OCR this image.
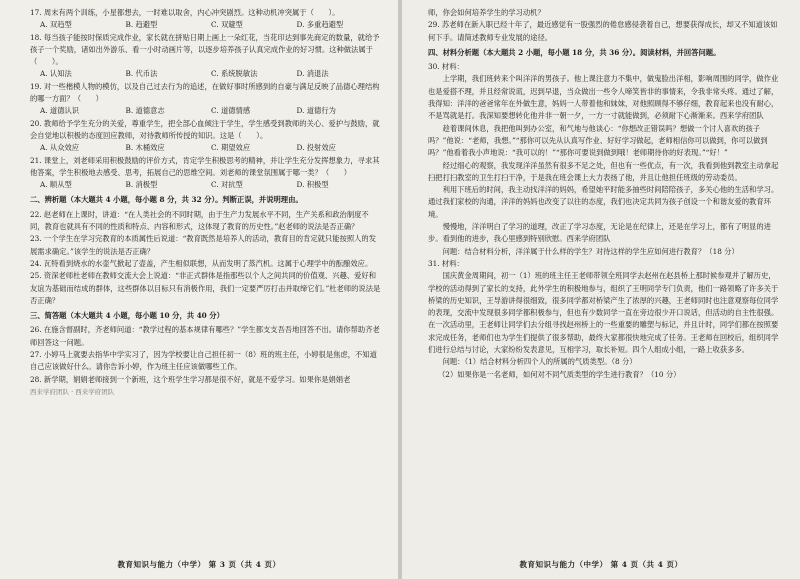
17. 周末有两个训练，小星都想去，一时难以取舍，内心冲突剧烈。这种动机冲突属于（　　）。

A. 双趋型	B. 趋避型	C. 双避型	D. 多重趋避型

18. 每当孩子能按时保质完成作业，家长就在拼贴日期上画上一朵红花，当花印达到事先商定的数量，就给予孩子一个奖励，诸如出外游乐、看一小时动画片等，以逐步培养孩子认真完成作业的好习惯。这种做法属于（　　）。

A. 认知法	B. 代币法	C. 系统脱敏法	D. 消退法

19. 对一些楷模人物的模仿，以及自己过去行为的追述，在做好事时所感到的自豪与满足反映了品德心理结构的哪一方面？（　　）

A. 道德认识	B. 道德意志	C. 道德情感	D. 道德行为

20. 教师给予学生充分的关爱，尊重学生，把全部心血倾注于学生，学生感受到教师的关心、爱护与鼓励，就会自觉地以积极的态度回应教师，对待教师所传授的知识。这是（　　）。

A. 从众效应	B. 木桶效应	C. 期望效应	D. 投射效应

21. 课堂上，刘老师采用积极鼓励的评价方式，肯定学生积极思考的精神，并让学生充分发挥想象力，寻求其他答案，学生积极地去感受、思考，拓展自己的思维空间。刘老师的课堂氛围属于哪一类？（　　）

A. 顺从型	B. 消极型	C. 对抗型	D. 积极型

二、辨析题（本大题共 4 小题，每小题 8 分，共 32 分）。判断正误，并说明理由。

22. 赵老师在上课时，讲道：“在人类社会的不同时期，由于生产力发展水平不同，生产关系和政治制度不同，教育也就具有不同的性质和特点、内容和形式，这体现了教育的历史性。”赵老师的说法是否正确？

23. 一个学生在学习完教育的本质属性后说道：“教育既然是培养人的活动，教育目的肯定就只能按照人的发展需求确定。”该学生的说法是否正确？

24. 瓦特看到烧水的水壶气掀起了壶盖，产生相似联想，从而发明了蒸汽机。这属于心理学中的酝酿效应。

25. 资深老师杜老师在教师交流大会上说道：“非正式群体是指那些以个人之间共同的价值观、兴趣、爱好和友谊为基础而结成的群体，这些群体以目标只有消极作用，我们一定要严厉打击并取缔它们。”杜老师的说法是否正确？

三、简答题（本大题共 4 小题，每小题 10 分，共 40 分）

26. 在施含督副时，齐老师问道：“教学过程的基本规律有哪些？”学生都支支吾吾地回答不出。请你帮助齐老师回答这一问题。

27. 小婷马上就要去指华中学实习了，因为学校要让自己担任初一（8）班的班主任，小婷很是焦虑，不知道自己应该做好什么。请你告诉小婷，作为班主任应该做哪些工作。

28. 新学期，娟娟老师接到一个新班，这个班学生学习都是很不好，就是不爱学习。如果你是娟娟老

西来学府团队 · 西来学府团队

教育知识与能力（中学） 第 3 页（共 4 页）

师，你会如何培养学生的学习动机？

29. 苏老师在新入职已经十年了，最近感觉有一股强烈的倦怠感侵袭着自己，想要获得成长，却又不知道该如何下手。请简述教师专业发展的途径。

四、材料分析题（本大题共 2 小题，每小题 18 分，共 36 分）。阅读材料，并回答问题。

30. 材料：

上学期，我们班转来个叫洋洋的男孩子。他上课注意力不集中，做鬼脸出洋相，影响周围的同学，做作业也是爱搭不理，并且经常说谎，迟到早退，当众做出一些令人啼笑皆非的事情来，令我非常头疼。通过了解，我得知：洋洋的爸爸常年在外做生意，妈妈一人带着他和妹妹，对他照顾得不够仔细，教育起来也没有耐心，不是骂就是打。我深知要想转化他并非一朝一夕，一方一寸就能做到，必须耐下心渐渐来。西来学府团队

趁着课间休息，我把他叫到办公室，和气地与他谈心：“你想改正错误吗？想做一个讨人喜欢的孩子吗？”他说：“老师，我想。”“那你可以先从认真写作业、好好学习做起，老师相信你可以做到，你可以做到吗？”他看着我小声地说：“我可以的！”“那你可要说到做到哦！老师期待你的好表现。”“好！”

经过细心的观察，我发现洋洋虽然有很多不足之处，但也有一些优点，有一次，我看到他到教室主动拿起扫把打扫教室的卫生打扫干净，于是我在班会课上大力表扬了他，并且让他担任班级的劳动委员。

利用下班后的时间，我主动找洋洋的妈妈，希望她平时能多抽些时间陪陪孩子，多关心他的生活和学习。通过我们家校的沟通，洋洋的妈妈也改变了以往的态度，我们也决定共同为孩子创设一个和谐友爱的教育环境。

慢慢地，洋洋明白了学习的道理，改正了学习态度，无论是在纪律上，还是在学习上，都有了明显的进步。看到他的进步，我心里感到特别欣慰。西来学府团队

问题：结合材料分析，洋洋属于什么样的学生？对待这样的学生应如何进行教育？（18 分）

31. 材料：

国庆黄金周期间，初一（1）班的班主任王老师带领全班同学去赵州在赵县桥上那时候参观并了解历史，学校的活动得到了家长的支持，此外学生的积极地参与，组织了王明同学专门负责，他们一路领略了许多关于桥梁的历史知识，王导游讲得很细致，很多同学都对桥梁产生了浓厚的兴趣，王老师同时也注意观察每位同学的表现，交流中发现很多同学都积极参与，但也有少数同学一直在旁边很少开口说话，但活动的自主性很强。在一次活动里，王老师让同学们去分组寻找赵州桥上的一些重要的雕塑与标记，并且计时，同学们都在按照要求完成任务，老师们也为学生们提供了很多帮助，最终大家都很快地完成了任务。王老师在回校后，组织同学们进行总结与讨论，大家纷纷发表意见，互相学习，取长补短。四个人组成小组，一路上收获多多。

问题：（1）结合材料分析四个人的所属的气质类型。（8 分）

（2）如果你是一名老师，如何对不同气质类型的学生进行教育？（10 分）

教育知识与能力（中学） 第 4 页（共 4 页）
